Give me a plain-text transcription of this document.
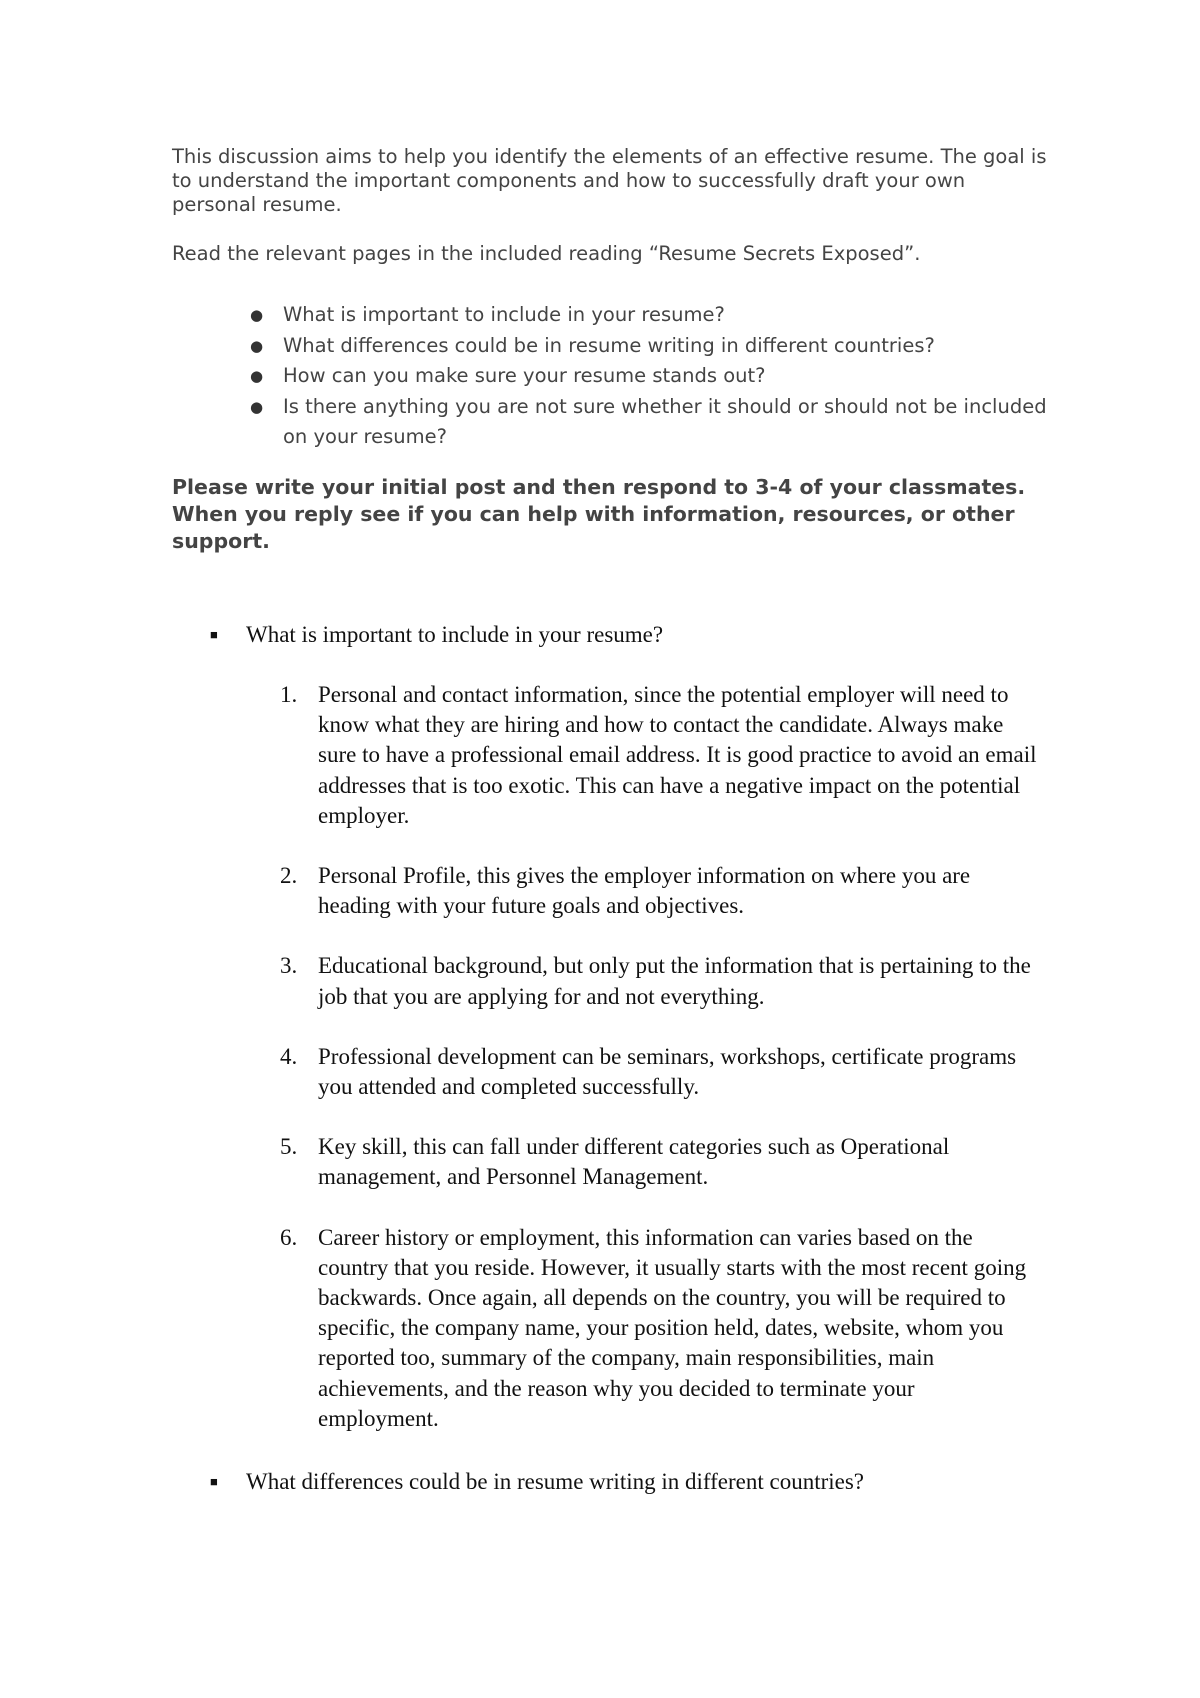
This discussion aims to help you identify the elements of an effective resume. The goal is to understand the important components and how to successfully draft your own personal resume.

Read the relevant pages in the included reading “Resume Secrets Exposed”.

● What is important to include in your resume?
● What differences could be in resume writing in different countries?
● How can you make sure your resume stands out?
● Is there anything you are not sure whether it should or should not be included on your resume?

Please write your initial post and then respond to 3-4 of your classmates. When you reply see if you can help with information, resources, or other support.

■ What is important to include in your resume?
1. Personal and contact information, since the potential employer will need to know what they are hiring and how to contact the candidate. Always make sure to have a professional email address. It is good practice to avoid an email addresses that is too exotic. This can have a negative impact on the potential employer.
2. Personal Profile, this gives the employer information on where you are heading with your future goals and objectives.
3. Educational background, but only put the information that is pertaining to the job that you are applying for and not everything.
4. Professional development can be seminars, workshops, certificate programs you attended and completed successfully.
5. Key skill, this can fall under different categories such as Operational management, and Personnel Management.
6. Career history or employment, this information can varies based on the country that you reside. However, it usually starts with the most recent going backwards. Once again, all depends on the country, you will be required to specific, the company name, your position held, dates, website, whom you reported too, summary of the company, main responsibilities, main achievements, and the reason why you decided to terminate your employment.
■ What differences could be in resume writing in different countries?
